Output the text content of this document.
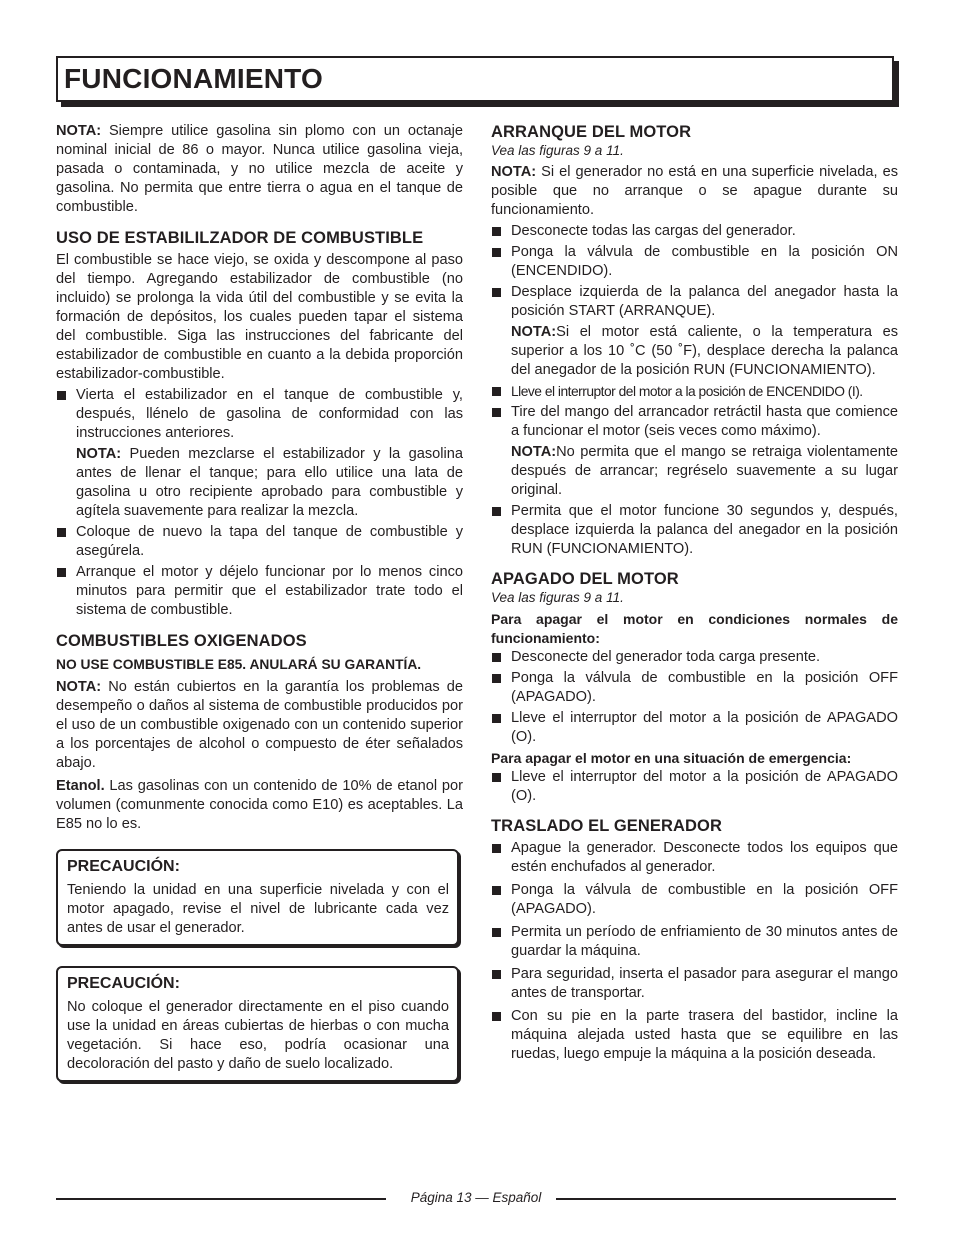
FUNCIONAMIENTO

NOTA: Siempre utilice gasolina sin plomo con un octanaje nominal inicial de 86 o mayor. Nunca utilice gasolina vieja, pasada o contaminada, y no utilice mezcla de aceite y gasolina. No permita que entre tierra o agua en el tanque de combustible.

USO DE ESTABILILZADOR DE COMBUSTIBLE

El combustible se hace viejo, se oxida y descompone al paso del tiempo. Agregando estabilizador de combustible (no incluido) se prolonga la vida útil del combustible y se evita la formación de depósitos, los cuales pueden tapar el sistema del combustible. Siga las instrucciones del fabricante del estabilizador de combustible en cuanto a la debida proporción estabilizador-combustible.

Vierta el estabilizador en el tanque de combustible y, después, llénelo de gasolina de conformidad con las instrucciones anteriores.

NOTA: Pueden mezclarse el estabilizador y la gasolina antes de llenar el tanque; para ello utilice una lata de gasolina u otro recipiente aprobado para combustible y agítela suavemente para realizar la mezcla.

Coloque de nuevo la tapa del tanque de combustible y asegúrela.
Arranque el motor y déjelo funcionar por lo menos cinco minutos para permitir que el estabilizador trate todo el sistema de combustible.
COMBUSTIBLES OXIGENADOS

NO USE COMBUSTIBLE E85. ANULARÁ SU GARANTÍA.

NOTA: No están cubiertos en la garantía los problemas de desempeño o daños al sistema de combustible producidos por el uso de un combustible oxigenado con un contenido superior a los porcentajes de alcohol o compuesto de éter señalados abajo.

Etanol. Las gasolinas con un contenido de 10% de etanol por volumen (comunmente conocida como E10) es aceptables. La E85 no lo es.

PRECAUCIÓN:

Teniendo la unidad en una superficie nivelada y con el motor apagado, revise el nivel de lubricante cada vez antes de usar el generador.

PRECAUCIÓN:

No coloque el generador directamente en el piso cuando use la unidad en áreas cubiertas de hierbas o con mucha vegetación. Si hace eso, podría ocasionar una decoloración del pasto y daño de suelo localizado.

ARRANQUE DEL MOTOR

Vea las figuras 9 a 11.

NOTA: Si el generador no está en una superficie nivelada, es posible que no arranque o se apague durante su funcionamiento.

Desconecte todas las cargas del generador.
Ponga la válvula de combustible en la posición ON (ENCENDIDO).
Desplace izquierda de la palanca del anegador hasta la posición START (ARRANQUE).

NOTA:Si el motor está caliente, o la temperatura es superior a los 10 ˚C (50 ˚F), desplace derecha la palanca del anegador de la posición RUN (FUNCIONAMIENTO).

Lleve el interruptor del motor a la posición de ENCENDIDO (I).
Tire del mango del arrancador retráctil hasta que comience a funcionar el motor (seis veces como máximo).

NOTA:No permita que el mango se retraiga violentamente después de arrancar; regréselo suavemente a su lugar original.

Permita que el motor funcione 30 segundos y, después, desplace izquierda la palanca del anegador en la posición RUN (FUNCIONAMIENTO).
APAGADO DEL MOTOR

Vea las figuras 9 a 11.

Para apagar el motor en condiciones normales de funcionamiento:

Desconecte del generador toda carga presente.
Ponga la válvula de combustible en la posición OFF (APAGADO).
Lleve el interruptor del motor a la posición de APAGADO (O).

Para apagar el motor en una situación de emergencia:

Lleve el interruptor del motor a la posición de APAGADO (O).
TRASLADO EL GENERADOR
Apague la generador. Desconecte todos los equipos que estén enchufados al generador.
Ponga la válvula de combustible en la posición OFF (APAGADO).
Permita un período de enfriamiento de 30 minutos antes de guardar la máquina.
Para seguridad, inserta el pasador para asegurar el mango antes de transportar.
Con su pie en la parte trasera del bastidor, incline la máquina alejada usted hasta que se equilibre en las ruedas, luego empuje la máquina a la posición deseada.
Página 13 — Español
